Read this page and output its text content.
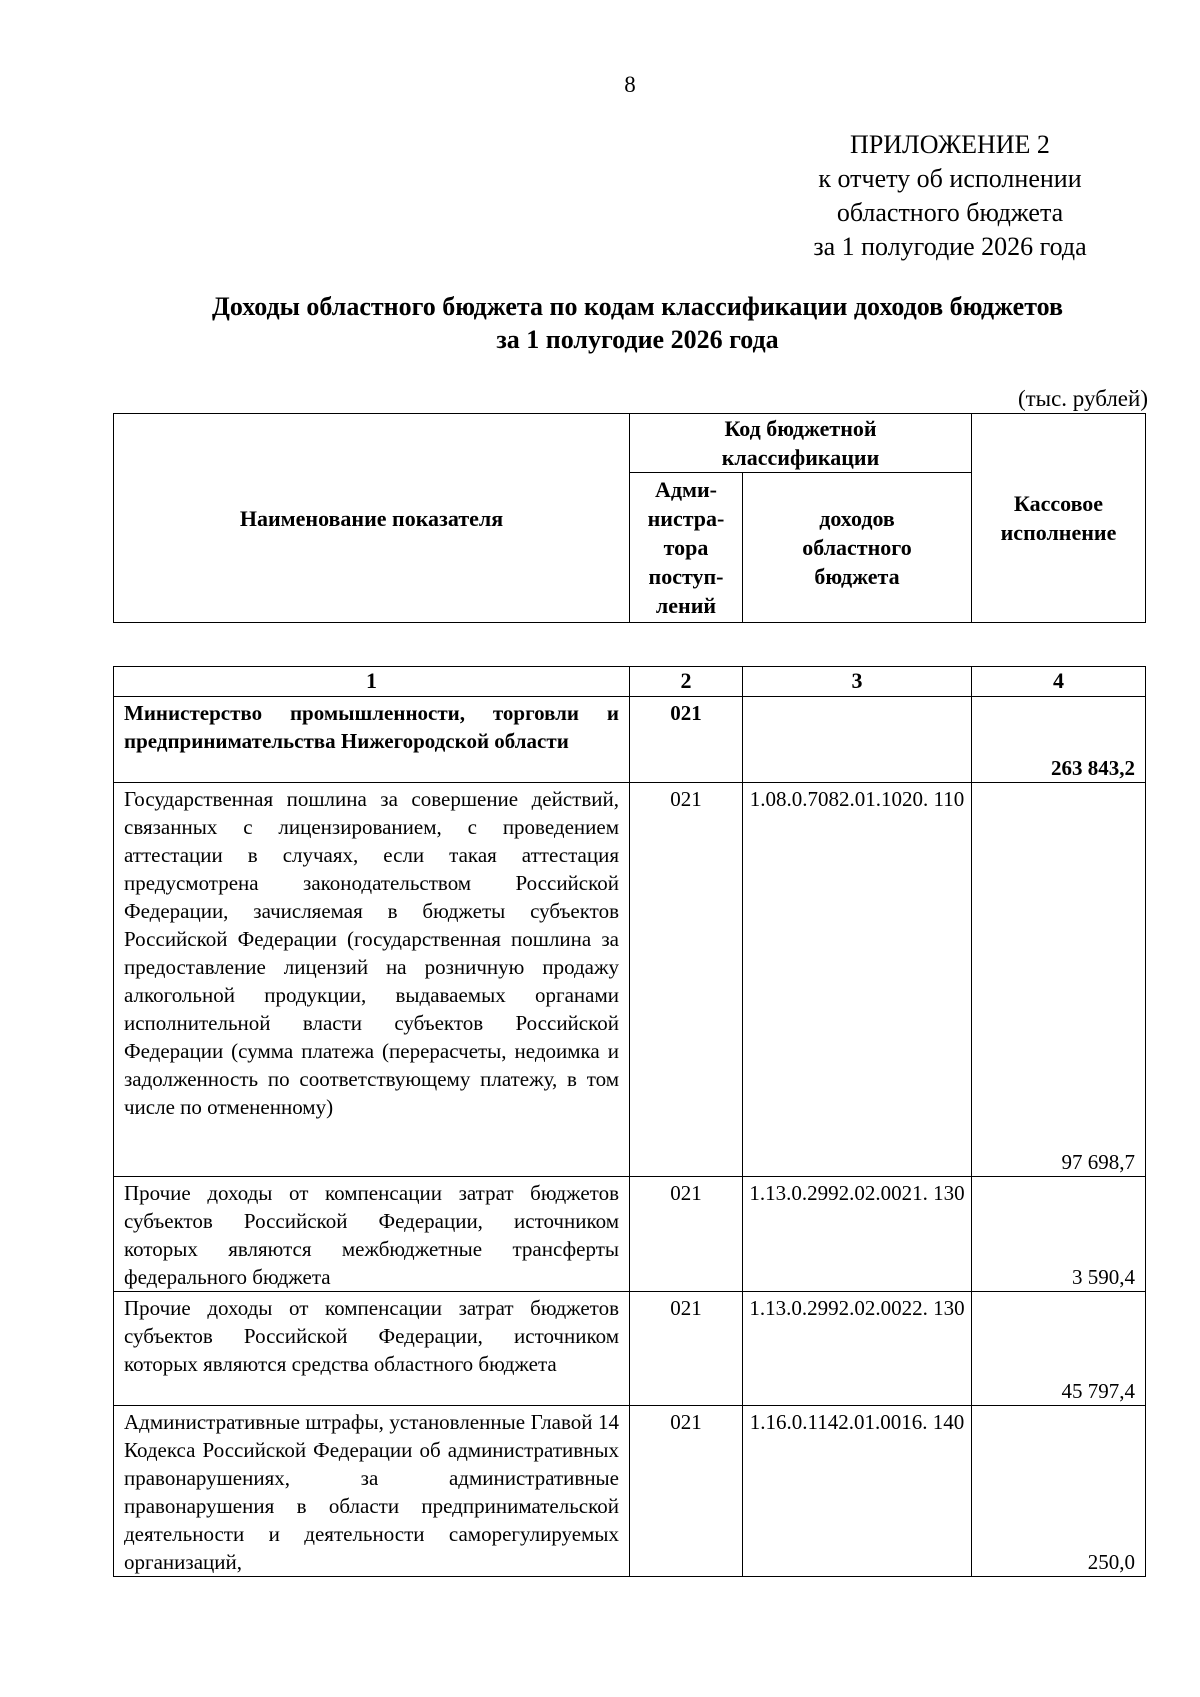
8
ПРИЛОЖЕНИЕ 2
к отчету об исполнении
областного бюджета
за 1 полугодие 2026 года
Доходы областного бюджета по кодам классификации доходов бюджетов
за 1 полугодие 2026 года
(тыс. рублей)
Наименование показателя	Код бюджетной классификации		Кассовое исполнение
	Адми-нистра-тора поступ-лений	доходов областного бюджета	
1	2	3	4
Министерство промышленности, торговли и предпринимательства Нижегородской области	021		263 843,2
Государственная пошлина за совершение действий, связанных с лицензированием, с проведением аттестации в случаях, если такая аттестация предусмотрена законодательством Российской Федерации, зачисляемая в бюджеты субъектов Российской Федерации (государственная пошлина за предоставление лицензий на розничную продажу алкогольной продукции, выдаваемых органами исполнительной власти субъектов Российской Федерации (сумма платежа (перерасчеты, недоимка и задолженность по соответствующему платежу, в том числе по отмененному)	021	1.08.0.7082.01.1020. 110	97 698,7
Прочие доходы от компенсации затрат бюджетов субъектов Российской Федерации, источником которых являются межбюджетные трансферты федерального бюджета	021	1.13.0.2992.02.0021. 130	3 590,4
Прочие доходы от компенсации затрат бюджетов субъектов Российской Федерации, источником которых являются средства областного бюджета	021	1.13.0.2992.02.0022. 130	45 797,4
Административные штрафы, установленные Главой 14 Кодекса Российской Федерации об административных правонарушениях, за административные правонарушения в области предпринимательской деятельности и деятельности саморегулируемых организаций,	021	1.16.0.1142.01.0016. 140	250,0
